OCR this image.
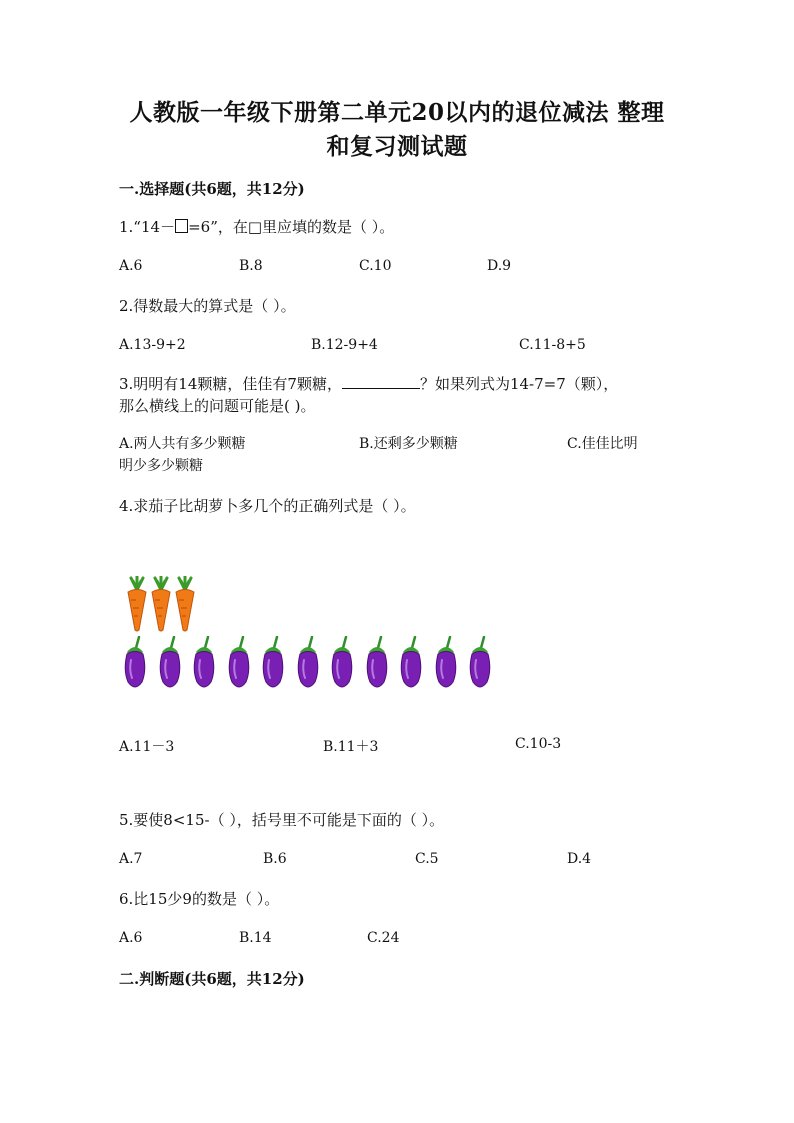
人教版一年级下册第二单元20以内的退位减法 整理和复习测试题
一.选择题(共6题，共12分)
1.“14－ =6”，在□里应填的数是（ ）。
A.6	B.8	C.10	D.9
2.得数最大的算式是（ ）。
A.13-9+2	B.12-9+4	C.11-8+5
3.明明有14颗糖，佳佳有7颗糖，	？如果列式为14-7=7（颗），
那么横线上的问题可能是( )。
A.两人共有多少颗糖	B.还剩多少颗糖	C.佳佳比明
明少多少颗糖
4.求茄子比胡萝卜多几个的正确列式是（ ）。
A.11－3	B.11＋3	C.10-3
5.要使8<15-（ ），括号里不可能是下面的（ ）。
A.7	B.6	C.5	D.4
6.比15少9的数是（ ）。
A.6	B.14	C.24
二.判断题(共6题，共12分)
